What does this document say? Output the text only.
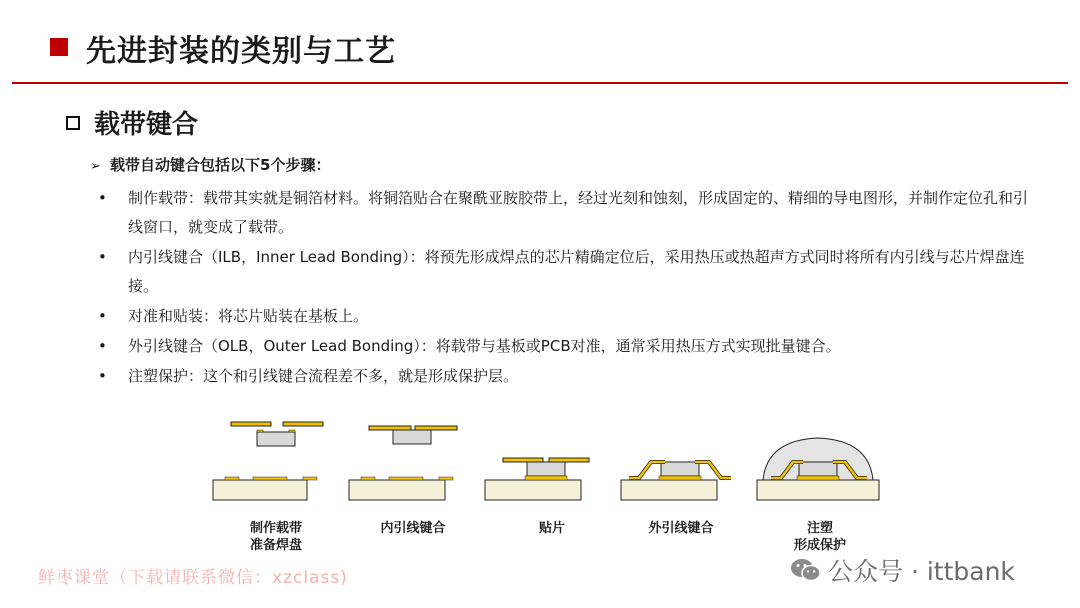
先进封装的类别与工艺
载带键合
➢ 载带自动键合包括以下5个步骤：
• 制作载带：载带其实就是铜箔材料。将铜箔贴合在聚酰亚胺胶带上，经过光刻和蚀刻，形成固定的、精细的导电图形，并制作定位孔和引线窗口，就变成了载带。
• 内引线键合（ILB，Inner Lead Bonding）：将预先形成焊点的芯片精确定位后，采用热压或热超声方式同时将所有内引线与芯片焊盘连接。
• 对准和贴装：将芯片贴装在基板上。
• 外引线键合（OLB，Outer Lead Bonding）：将载带与基板或PCB对准，通常采用热压方式实现批量键合。
• 注塑保护：这个和引线键合流程差不多，就是形成保护层。
制作载带
准备焊盘
内引线键合	贴片	外引线键合	注塑
形成保护
鲜枣课堂（下载请联系微信：xzclass)	公众号 · ittbank
